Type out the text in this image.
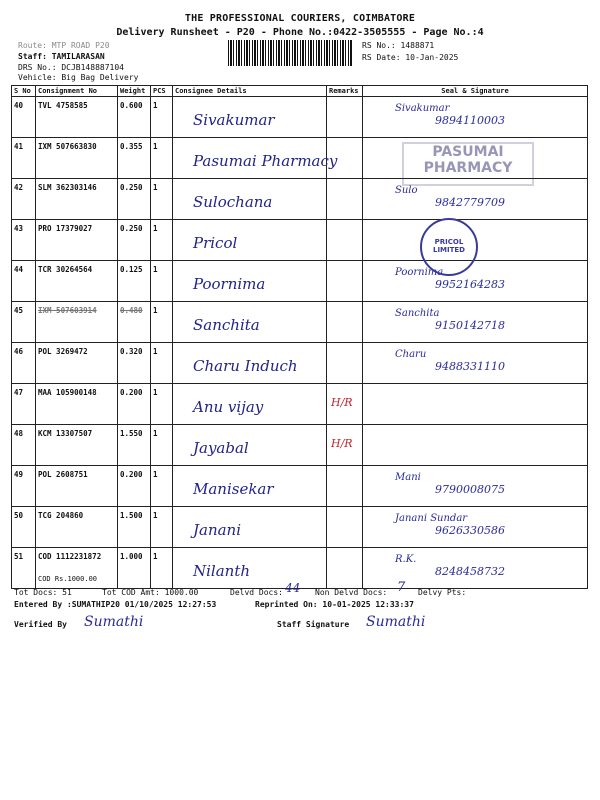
THE PROFESSIONAL COURIERS, COIMBATORE
Delivery Runsheet - P20 - Phone No.:0422-3505555 - Page No.:4
Route: MTP ROAD P20
Staff: TAMILARASAN
DRS No.: DCJB148887104
Vehicle: Big Bag Delivery
RS No.: 1488871
RS Date: 10-Jan-2025
S No	Consignment No	Weight	PCS	Consignee Details	Remarks	Seal & Signature

40	TVL 4758585	0.600	1	Sivakumar		Sivakumar
9894110003

41	IXM 507663830	0.355	1	Pasumai Pharmacy		

42	SLM 362303146	0.250	1	Sulochana		Sulo
9842779709

43	PRO 17379027	0.250	1	Pricol		

44	TCR 30264564	0.125	1	Poornima		Poornima
9952164283

45	IXM 507603914	0.480	1	Sanchita		Sanchita
9150142718

46	POL 3269472	0.320	1	Charu Induch		Charu
9488331110

47	MAA 105900148	0.200	1	Anu vijay	H/R	

48	KCM 13307507	1.550	1	Jayabal	H/R	

49	POL 2608751	0.200	1	Manisekar		Mani
9790008075

50	TCG 204860	1.500	1	Janani		Janani Sundar
9626330586

51	COD 1112231872
COD Rs.1000.00	1.000	1	Nilanth		R.K.
8248458732
PASUMAI PHARMACY
PRICOL LIMITED
Tot Docs: 51	Tot COD Amt: 1000.00	Delvd Docs: 44 Non Delvd Docs: 7 Delvy Pts:
Entered By :SUMATHIP20 01/10/2025 12:27:53	Reprinted On: 10-01-2025 12:33:37
Verified By Sumathi	Staff Signature Sumathi
